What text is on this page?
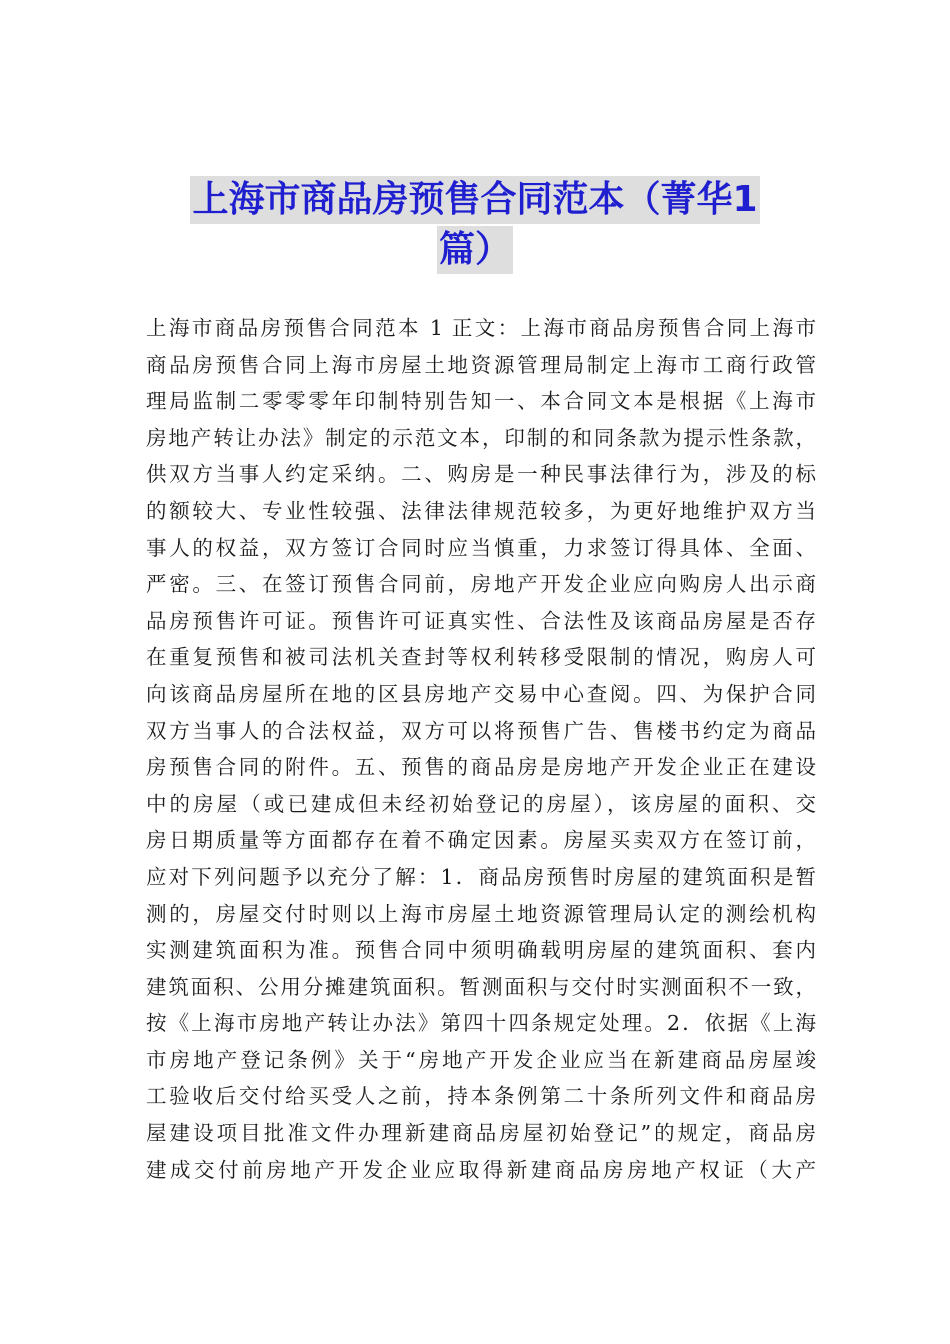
上海市商品房预售合同范本（菁华1
篇）
上海市商品房预售合同范本 1 正文：上海市商品房预售合同上海市
商品房预售合同上海市房屋土地资源管理局制定上海市工商行政管
理局监制二零零零年印制特别告知一、本合同文本是根据《上海市
房地产转让办法》制定的示范文本，印制的和同条款为提示性条款，
供双方当事人约定采纳。二、购房是一种民事法律行为，涉及的标
的额较大、专业性较强、法律法律规范较多，为更好地维护双方当
事人的权益，双方签订合同时应当慎重，力求签订得具体、全面、
严密。三、在签订预售合同前，房地产开发企业应向购房人出示商
品房预售许可证。预售许可证真实性、合法性及该商品房屋是否存
在重复预售和被司法机关查封等权利转移受限制的情况，购房人可
向该商品房屋所在地的区县房地产交易中心查阅。四、为保护合同
双方当事人的合法权益，双方可以将预售广告、售楼书约定为商品
房预售合同的附件。五、预售的商品房是房地产开发企业正在建设
中的房屋（或已建成但未经初始登记的房屋），该房屋的面积、交
房日期质量等方面都存在着不确定因素。房屋买卖双方在签订前，
应对下列问题予以充分了解：1．商品房预售时房屋的建筑面积是暂
测的，房屋交付时则以上海市房屋土地资源管理局认定的测绘机构
实测建筑面积为准。预售合同中须明确载明房屋的建筑面积、套内
建筑面积、公用分摊建筑面积。暂测面积与交付时实测面积不一致，
按《上海市房地产转让办法》第四十四条规定处理。2．依据《上海
市房地产登记条例》关于“房地产开发企业应当在新建商品房屋竣
工验收后交付给买受人之前，持本条例第二十条所列文件和商品房
屋建设项目批准文件办理新建商品房屋初始登记”的规定，商品房
建成交付前房地产开发企业应取得新建商品房房地产权证（大产
